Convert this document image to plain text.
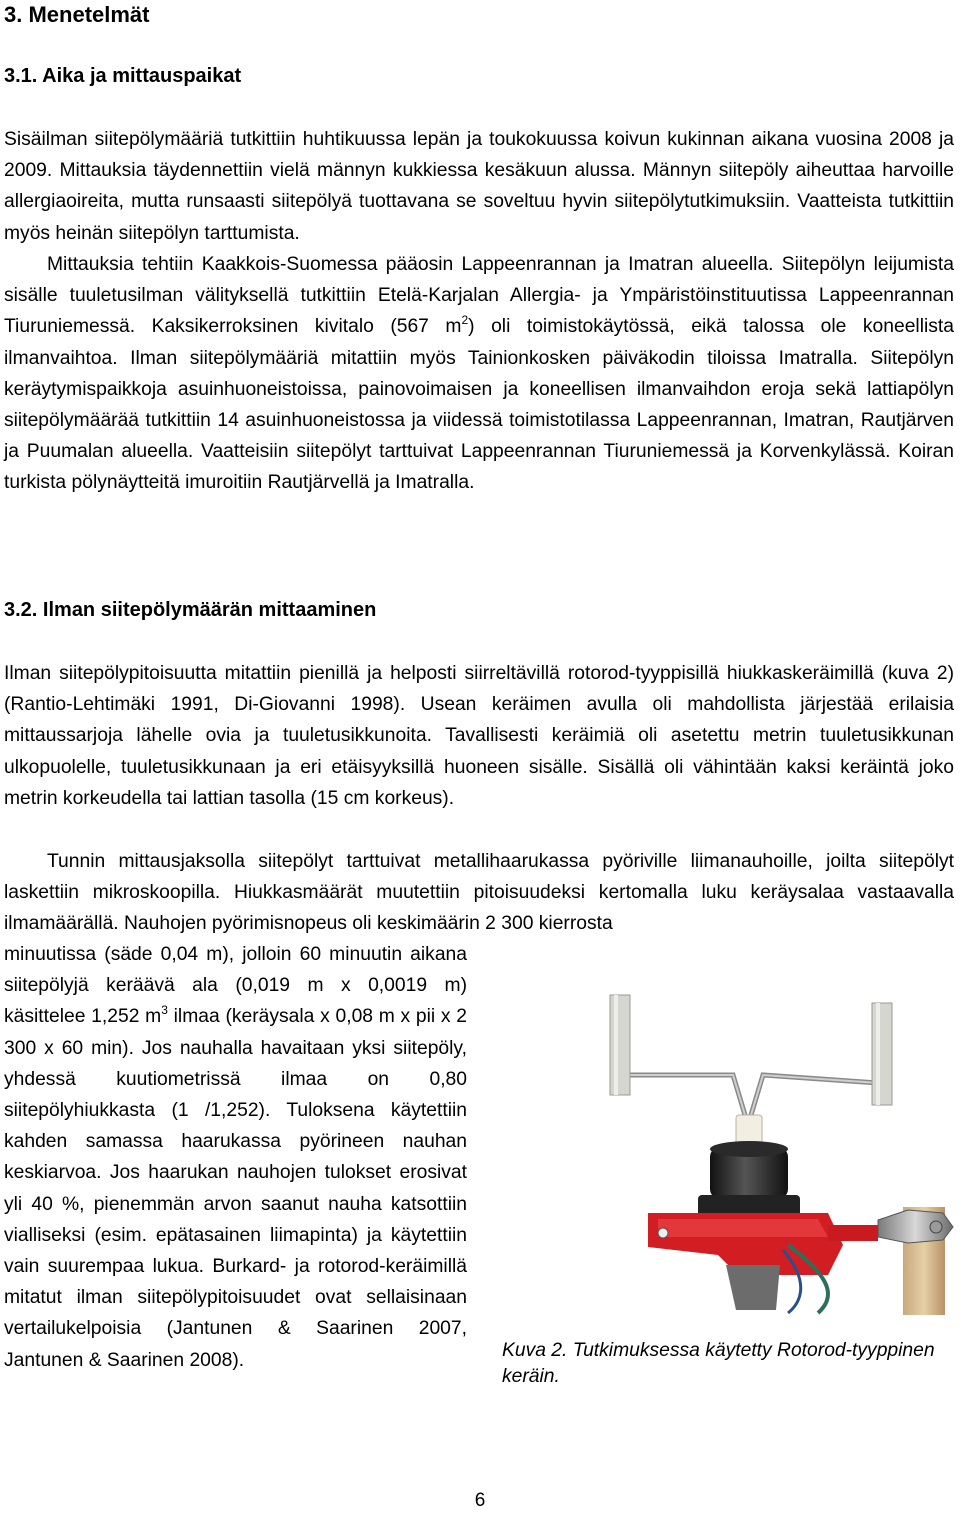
3. Menetelmät
3.1. Aika ja mittauspaikat

Sisäilman siitepölymääriä tutkittiin huhtikuussa lepän ja toukokuussa koivun kukinnan aikana vuosina 2008 ja 2009. Mittauksia täydennettiin vielä männyn kukkiessa kesäkuun alussa. Männyn siitepöly aiheuttaa harvoille allergiaoireita, mutta runsaasti siitepölyä tuottavana se soveltuu hyvin siitepölytutkimuksiin. Vaatteista tutkittiin myös heinän siitepölyn tarttumista.

Mittauksia tehtiin Kaakkois-Suomessa pääosin Lappeenrannan ja Imatran alueella. Siitepölyn leijumista sisälle tuuletusilman välityksellä tutkittiin Etelä-Karjalan Allergia- ja Ympäristöinstituutissa Lappeenrannan Tiuruniemessä. Kaksikerroksinen kivitalo (567 $m^2$) oli toimistokäytössä, eikä talossa ole koneellista ilmanvaihtoa. Ilman siitepölymääriä mitattiin myös Tainionkosken päiväkodin tiloissa Imatralla. Siitepölyn keräytymispaikkoja asuinhuoneistoissa, painovoimaisen ja koneellisen ilmanvaihdon eroja sekä lattiapölyn siitepölymäärää tutkittiin 14 asuinhuoneistossa ja viidessä toimistotilassa Lappeenrannan, Imatran, Rautjärven ja Puumalan alueella. Vaatteisiin siitepölyt tarttuivat Lappeenrannan Tiuruniemessä ja Korvenkylässä. Koiran turkista pölynäytteitä imuroitiin Rautjärvellä ja Imatralla.

3.2. Ilman siitepölymäärän mittaaminen

Ilman siitepölypitoisuutta mitattiin pienillä ja helposti siirreltävillä rotorod-tyyppisillä hiukkaskeräimillä (kuva 2) (Rantio-Lehtimäki 1991, Di-Giovanni 1998). Usean keräimen avulla oli mahdollista järjestää erilaisia mittaussarjoja lähelle ovia ja tuuletusikkunoita. Tavallisesti keräimiä oli asetettu metrin tuuletusikkunan ulkopuolelle, tuuletusikkunaan ja eri etäisyyksillä huoneen sisälle. Sisällä oli vähintään kaksi keräintä joko metrin korkeudella tai lattian tasolla (15 cm korkeus).

Tunnin mittausjaksolla siitepölyt tarttuivat metallihaarukassa pyöriville liimanauhoille, joilta siitepölyt laskettiin mikroskoopilla. Hiukkasmäärät muutettiin pitoisuudeksi kertomalla luku keräysalaa vastaavalla ilmamäärällä. Nauhojen pyörimisnopeus oli keskimäärin 2 300 kierrosta

minuutissa (säde 0,04 m), jolloin 60 minuutin aikana siitepölyjä keräävä ala (0,019 m x 0,0019 m) käsittelee 1,252 $m^3$ ilmaa (keräysala x 0,08 m x pii x 2 300 x 60 min). Jos nauhalla havaitaan yksi siitepöly, yhdessä kuutiometrissä ilmaa on 0,80 siitepölyhiukkasta (1 /1,252). Tuloksena käytettiin kahden samassa haarukassa pyörineen nauhan keskiarvoa. Jos haarukan nauhojen tulokset erosivat yli 40 %, pienemmän arvon saanut nauha katsottiin vialliseksi (esim. epätasainen liimapinta) ja käytettiin vain suurempaa lukua. Burkard- ja rotorod-keräimillä mitatut ilman siitepölypitoisuudet ovat sellaisinaan vertailukelpoisia (Jantunen & Saarinen 2007, Jantunen & Saarinen 2008).	Kuva 2. Tutkimuksessa käytetty Rotorod-tyyppinen keräin.

6
